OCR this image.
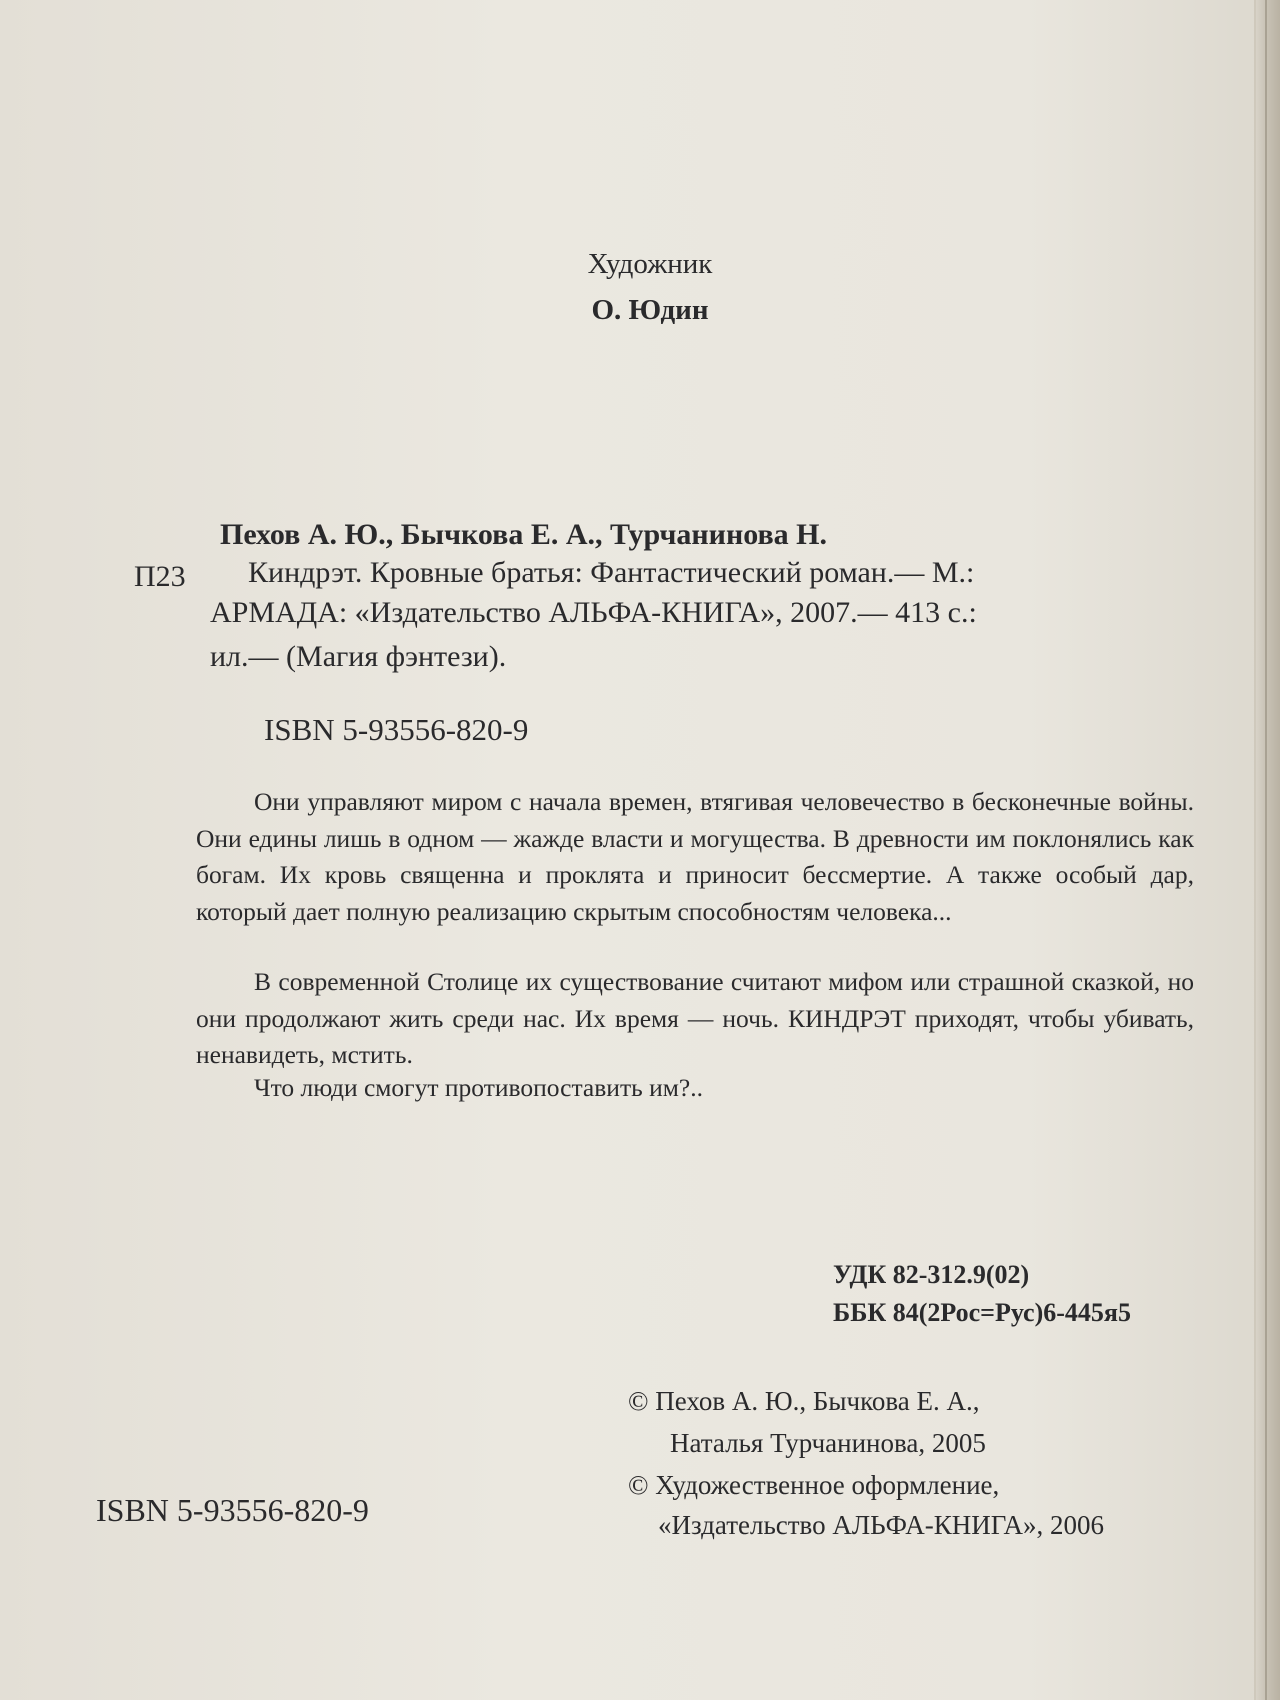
Художник
О. Юдин
Пехов А. Ю., Бычкова Е. А., Турчанинова Н.
П23 Киндрэт. Кровные братья: Фантастический роман.— М.:
АРМАДА: «Издательство АЛЬФА-КНИГА», 2007.— 413 с.:
ил.— (Магия фэнтези).
ISBN 5-93556-820-9

Они управляют миром с начала времен, втягивая человечество в бесконечные войны. Они едины лишь в одном — жажде власти и могущества. В древности им поклонялись как богам. Их кровь священна и проклята и приносит бессмертие. А также особый дар, который дает полную реализацию скрытым способностям человека...

В современной Столице их существование считают мифом или страшной сказкой, но они продолжают жить среди нас. Их время — ночь. КИНДРЭТ приходят, чтобы убивать, ненавидеть, мстить.

Что люди смогут противопоставить им?..

УДК 82-312.9(02)
ББК 84(2Рос=Рус)6-445я5
© Пехов А. Ю., Бычкова Е. А.,
Наталья Турчанинова, 2005
© Художественное оформление,
«Издательство АЛЬФА-КНИГА», 2006
ISBN 5-93556-820-9
